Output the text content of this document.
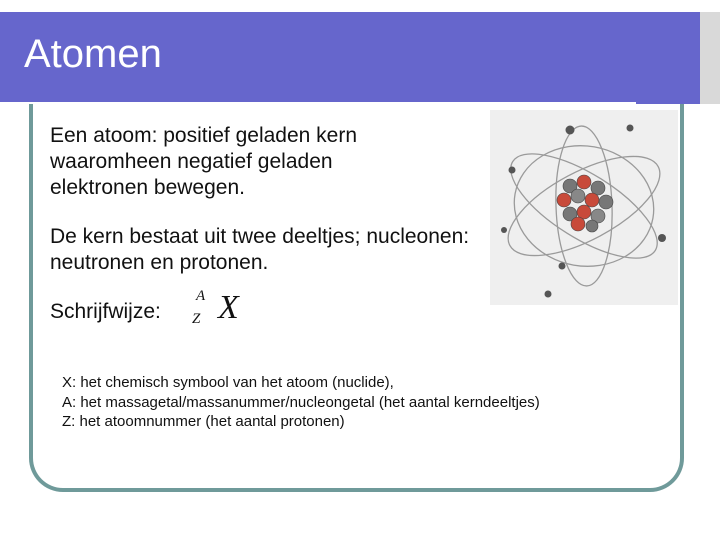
Atomen

Een atoom: positief geladen kern waaromheen negatief geladen elektronen bewegen.

De kern bestaat uit twee deeltjes; nucleonen: neutronen en protonen.

Schrijfwijze:
A
Z X
X: het chemisch symbool van het atoom (nuclide),
A: het massagetal/massanummer/nucleongetal (het aantal kerndeeltjes)
Z: het atoomnummer (het aantal protonen)
